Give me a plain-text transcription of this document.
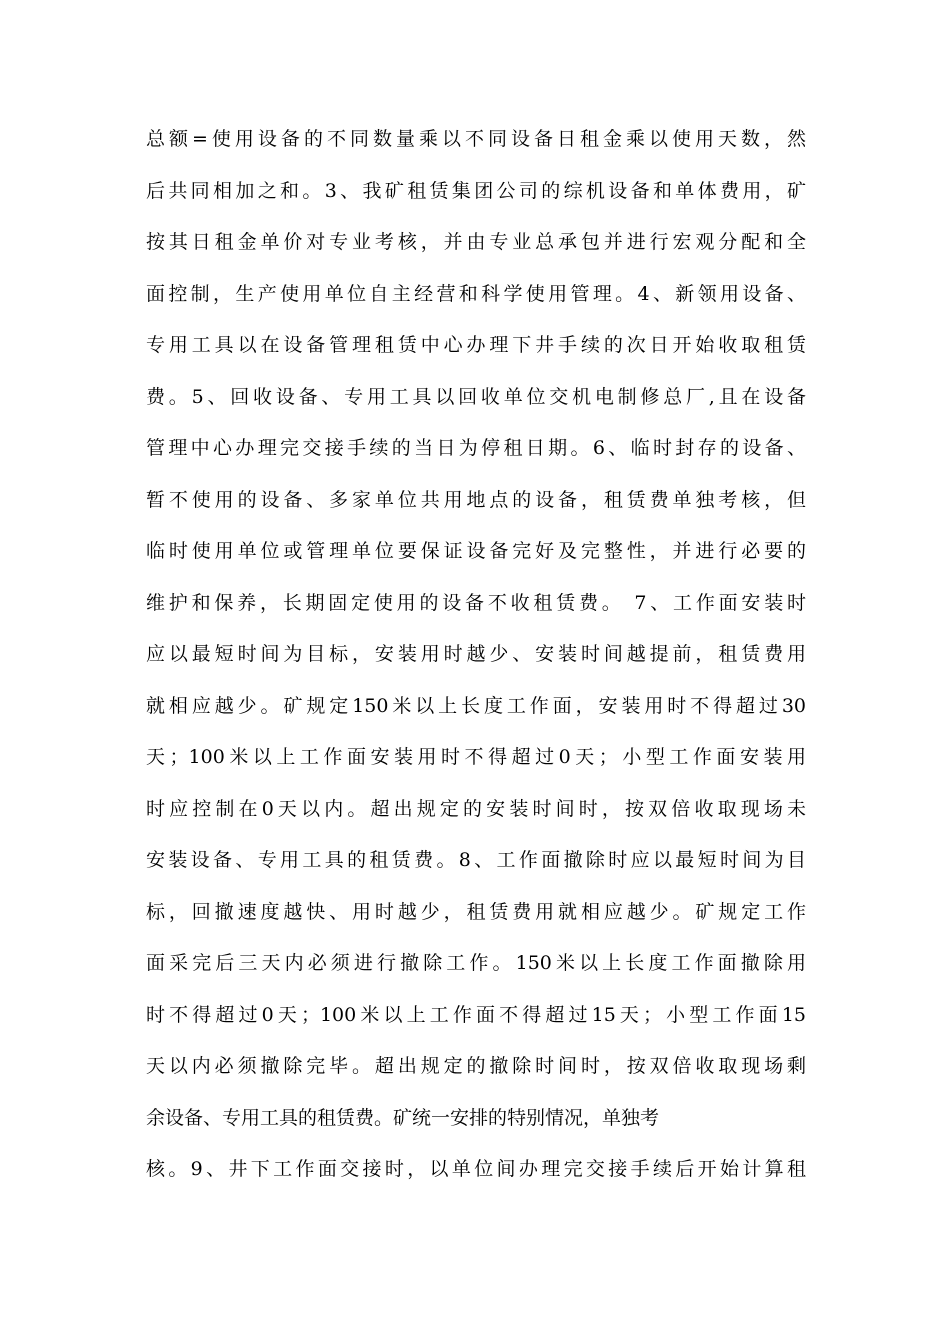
总额=使用设备的不同数量乘以不同设备日租金乘以使用天数，然
后共同相加之和。3、我矿租赁集团公司的综机设备和单体费用，矿
按其日租金单价对专业考核，并由专业总承包并进行宏观分配和全
面控制，生产使用单位自主经营和科学使用管理。4、新领用设备、
专用工具以在设备管理租赁中心办理下井手续的次日开始收取租赁
费。5、回收设备、专用工具以回收单位交机电制修总厂,且在设备
管理中心办理完交接手续的当日为停租日期。6、临时封存的设备、
暂不使用的设备、多家单位共用地点的设备，租赁费单独考核，但
临时使用单位或管理单位要保证设备完好及完整性，并进行必要的
维护和保养，长期固定使用的设备不收租赁费。 7、工作面安装时
应以最短时间为目标，安装用时越少、安装时间越提前，租赁费用
就相应越少。矿规定150米以上长度工作面，安装用时不得超过30
天；100米以上工作面安装用时不得超过0天；小型工作面安装用
时应控制在0天以内。超出规定的安装时间时，按双倍收取现场未
安装设备、专用工具的租赁费。8、工作面撤除时应以最短时间为目
标，回撤速度越快、用时越少，租赁费用就相应越少。矿规定工作
面采完后三天内必须进行撤除工作。150米以上长度工作面撤除用
时不得超过0天；100米以上工作面不得超过15天；小型工作面15
天以内必须撤除完毕。超出规定的撤除时间时，按双倍收取现场剩
余设备、专用工具的租赁费。矿统一安排的特别情况，单独考
核。9、井下工作面交接时，以单位间办理完交接手续后开始计算租
